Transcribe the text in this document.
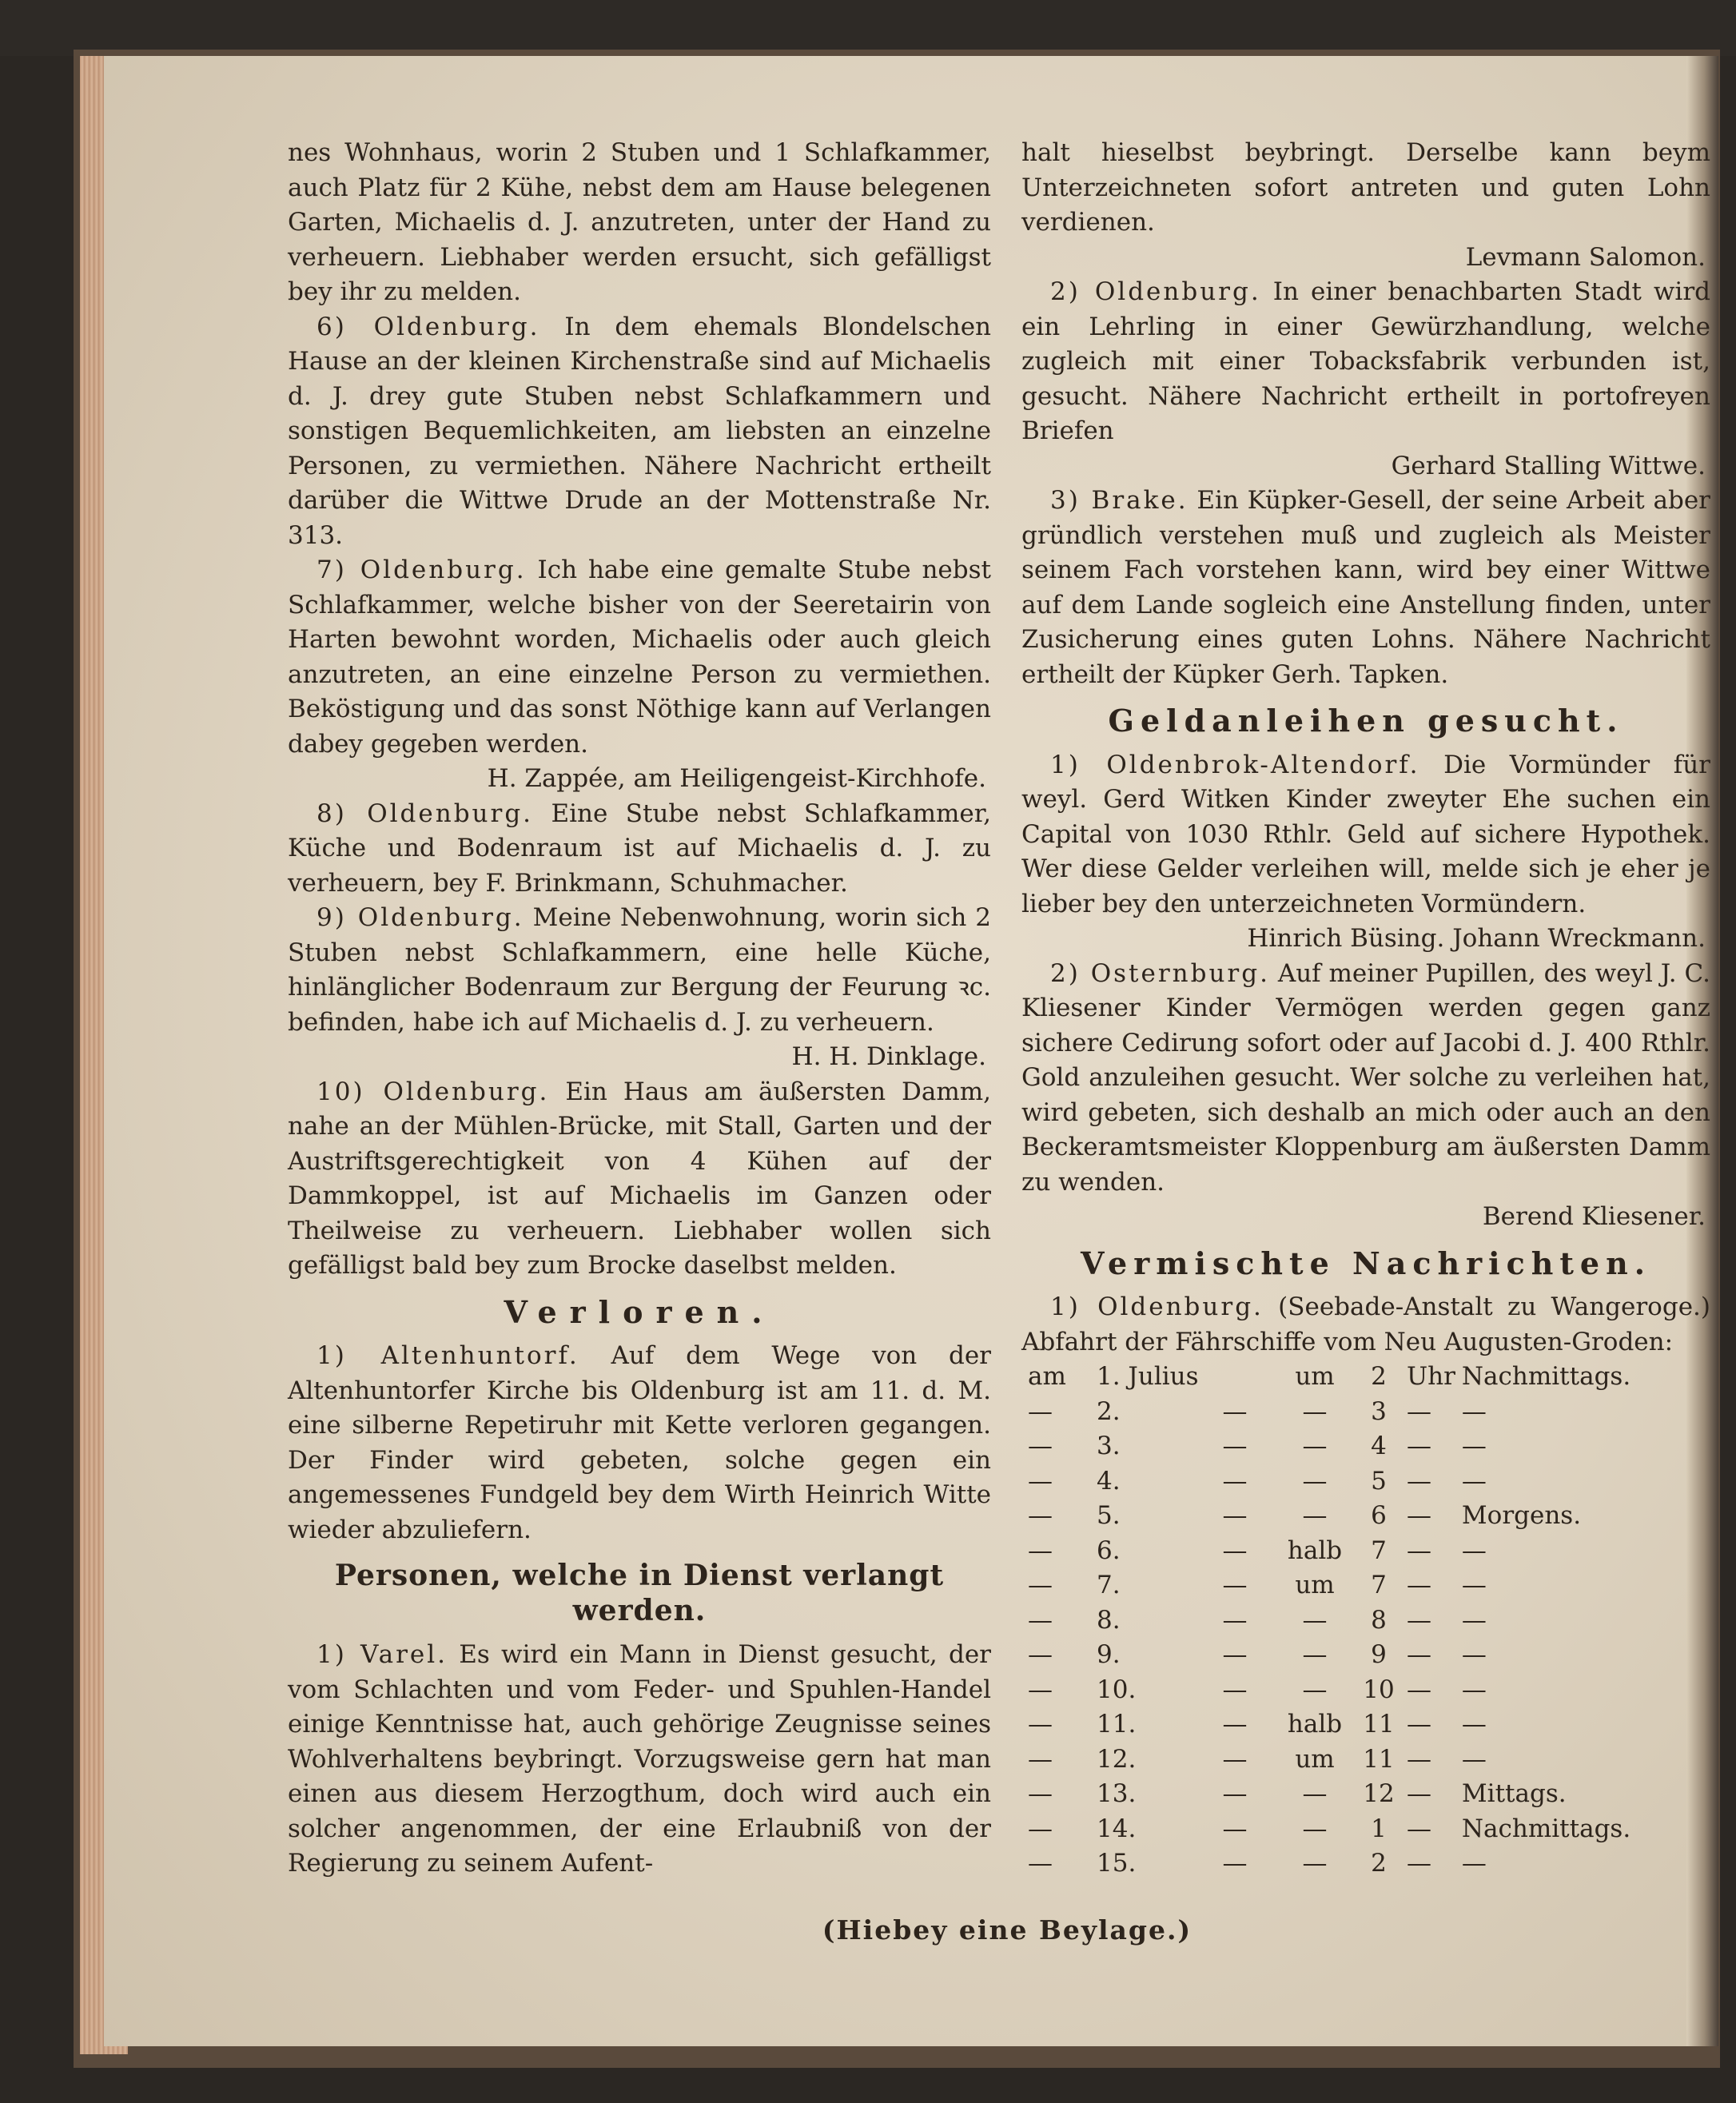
nes Wohnhaus, worin 2 Stuben und 1 Schlafkammer, auch Platz für 2 Kühe, nebst dem am Hause belegenen Garten, Michaelis d. J. anzutreten, unter der Hand zu verheuern. Liebhaber werden ersucht, sich gefälligst bey ihr zu melden.

6) Oldenburg. In dem ehemals Blondelschen Hause an der kleinen Kirchenstraße sind auf Michaelis d. J. drey gute Stuben nebst Schlafkammern und sonstigen Bequemlichkeiten, am liebsten an einzelne Personen, zu vermiethen. Nähere Nachricht ertheilt darüber die Wittwe Drude an der Mottenstraße Nr. 313.

7) Oldenburg. Ich habe eine gemalte Stube nebst Schlafkammer, welche bisher von der Seeretairin von Harten bewohnt worden, Michaelis oder auch gleich anzutreten, an eine einzelne Person zu vermiethen. Beköstigung und das sonst Nöthige kann auf Verlangen dabey gegeben werden.

H. Zappée, am Heiligengeist-Kirchhofe.

8) Oldenburg. Eine Stube nebst Schlafkammer, Küche und Bodenraum ist auf Michaelis d. J. zu verheuern, bey F. Brinkmann, Schuhmacher.

9) Oldenburg. Meine Nebenwohnung, worin sich 2 Stuben nebst Schlafkammern, eine helle Küche, hinlänglicher Bodenraum zur Bergung der Feurung ꝛc. befinden, habe ich auf Michaelis d. J. zu verheuern.

H. H. Dinklage.

10) Oldenburg. Ein Haus am äußersten Damm, nahe an der Mühlen-Brücke, mit Stall, Garten und der Austriftsgerechtigkeit von 4 Kühen auf der Dammkoppel, ist auf Michaelis im Ganzen oder Theilweise zu verheuern. Liebhaber wollen sich gefälligst bald bey zum Brocke daselbst melden.

Verloren.

1) Altenhuntorf. Auf dem Wege von der Altenhuntorfer Kirche bis Oldenburg ist am 11. d. M. eine silberne Repetiruhr mit Kette verloren gegangen. Der Finder wird gebeten, solche gegen ein angemessenes Fundgeld bey dem Wirth Heinrich Witte wieder abzuliefern.

Personen, welche in Dienst verlangt werden.

1) Varel. Es wird ein Mann in Dienst gesucht, der vom Schlachten und vom Feder- und Spuhlen-Handel einige Kenntnisse hat, auch gehörige Zeugnisse seines Wohlverhaltens beybringt. Vorzugsweise gern hat man einen aus diesem Herzogthum, doch wird auch ein solcher angenommen, der eine Erlaubniß von der Regierung zu seinem Aufent-

halt hieselbst beybringt. Derselbe kann beym Unterzeichneten sofort antreten und guten Lohn verdienen.

Levmann Salomon.

2) Oldenburg. In einer benachbarten Stadt wird ein Lehrling in einer Gewürzhandlung, welche zugleich mit einer Tobacksfabrik verbunden ist, gesucht. Nähere Nachricht ertheilt in portofreyen Briefen

Gerhard Stalling Wittwe.

3) Brake. Ein Küpker-Gesell, der seine Arbeit aber gründlich verstehen muß und zugleich als Meister seinem Fach vorstehen kann, wird bey einer Wittwe auf dem Lande sogleich eine Anstellung finden, unter Zusicherung eines guten Lohns. Nähere Nachricht ertheilt der Küpker Gerh. Tapken.

Geldanleihen gesucht.

1) Oldenbrok-Altendorf. Die Vormünder für weyl. Gerd Witken Kinder zweyter Ehe suchen ein Capital von 1030 Rthlr. Geld auf sichere Hypothek. Wer diese Gelder verleihen will, melde sich je eher je lieber bey den unterzeichneten Vormündern.

Hinrich Büsing. Johann Wreckmann.

2) Osternburg. Auf meiner Pupillen, des weyl J. C. Kliesener Kinder Vermögen werden gegen ganz sichere Cedirung sofort oder auf Jacobi d. J. 400 Rthlr. Gold anzuleihen gesucht. Wer solche zu verleihen hat, wird gebeten, sich deshalb an mich oder auch an den Beckeramtsmeister Kloppenburg am äußersten Damm zu wenden.

Berend Kliesener.

Vermischte Nachrichten.

1) Oldenburg. (Seebade-Anstalt zu Wangeroge.) Abfahrt der Fährschiffe vom Neu Augusten-Groden:

am	1. Julius		um	2	Uhr	Nachmittags.
—	2.	—	—	3	—	—
—	3.	—	—	4	—	—
—	4.	—	—	5	—	—
—	5.	—	—	6	—	Morgens.
—	6.	—	halb	7	—	—
—	7.	—	um	7	—	—
—	8.	—	—	8	—	—
—	9.	—	—	9	—	—
—	10.	—	—	10	—	—
—	11.	—	halb	11	—	—
—	12.	—	um	11	—	—
—	13.	—	—	12	—	Mittags.
—	14.	—	—	1	—	Nachmittags.
—	15.	—	—	2	—	—
(Hiebey eine Beylage.)
